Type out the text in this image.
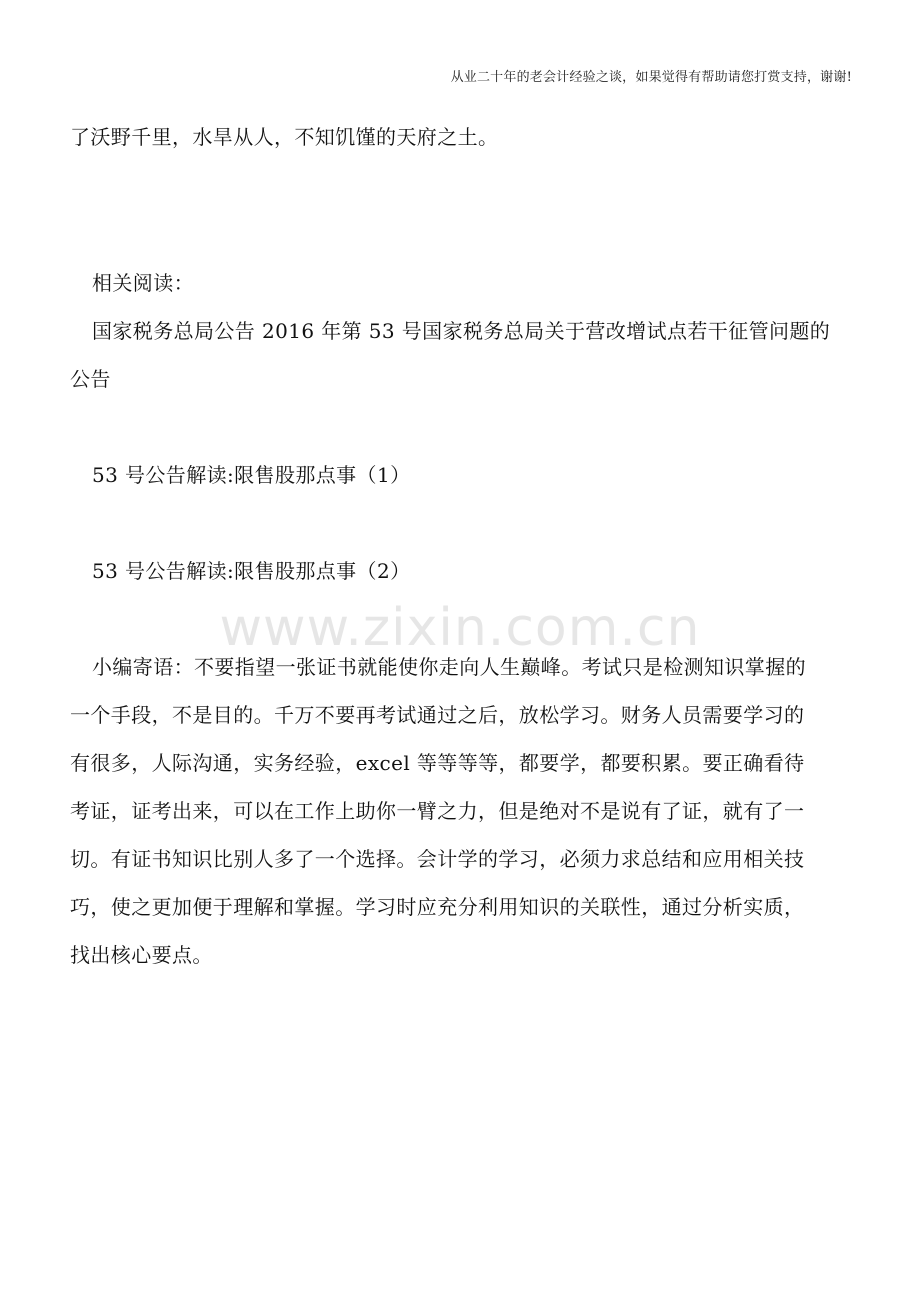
从业二十年的老会计经验之谈，如果觉得有帮助请您打赏支持，谢谢!
了沃野千里，水旱从人，不知饥馑的天府之土。
相关阅读：
国家税务总局公告 2016 年第 53 号国家税务总局关于营改增试点若干征管问题的
公告
53 号公告解读:限售股那点事（1）
53 号公告解读:限售股那点事（2）
www.zixin.com.cn
小编寄语：不要指望一张证书就能使你走向人生巅峰。考试只是检测知识掌握的
一个手段，不是目的。千万不要再考试通过之后，放松学习。财务人员需要学习的
有很多，人际沟通，实务经验，excel 等等等等，都要学，都要积累。要正确看待
考证，证考出来，可以在工作上助你一臂之力，但是绝对不是说有了证，就有了一
切。有证书知识比别人多了一个选择。会计学的学习，必须力求总结和应用相关技
巧，使之更加便于理解和掌握。学习时应充分利用知识的关联性，通过分析实质，
找出核心要点。
